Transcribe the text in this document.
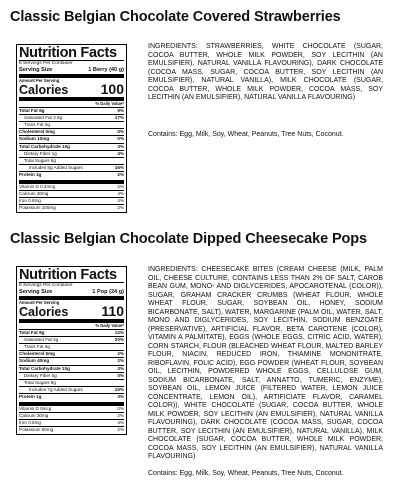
Classic Belgian Chocolate Covered Strawberries
Nutrition Facts
6 Servings Per Container
Serving Size	1 Berry (40 g)
Amount Per Serving
Calories 100
% Daily Value*
Total Fat 6g	9%
Saturated Fat 3.5g	17%
Trans Fat 0g
Cholesterol 0mg	0%
Sodium 10mg	0%
Total Carbohydrate 10g	3%
Dietary Fiber 1g	4%
Total Sugars 9g
Includes 8g Added Sugars	16%
Protein 1g	2%
Vitamin D 0.2mcg	2%
Calcium 30mg	4%
Iron 0.8mg	4%
Potassium 100mg	2%
INGREDIENTS: STRAWBERRIES, WHITE CHOCOLATE (SUGAR, COCOA BUTTER, WHOLE MILK POWDER, SOY LECITHIN (AN EMULSIFIER), NATURAL VANILLA FLAVOURING), DARK CHOCOLATE (COCOA MASS, SUGAR, COCOA BUTTER, SOY LECITHIN (AN EMULSIFIER), NATURAL VANILLA), MILK CHOCOLATE (SUGAR, COCOA BUTTER, WHOLE MILK POWDER, COCOA MASS, SOY LECITHIN (AN EMULSIFIER), NATURAL VANILLA FLAVOURING)
Contains: Egg, Milk, Soy, Wheat, Peanuts, Tree Nuts, Coconut.
Classic Belgian Chocolate Dipped Cheesecake Pops
Nutrition Facts
6 Servings Per Container
Serving Size	1 Pop (24 g)
Amount Per Serving
Calories 110
% Daily Value*
Total Fat 8g	12%
Saturated Fat 4g	20%
Trans Fat 0g
Cholesterol 5mg	2%
Sodium 40mg	2%
Total Carbohydrate 10g	3%
Dietary Fiber 0g	0%
Total Sugars 9g
Includes 7g Added Sugars	15%
Protein 1g	3%
Vitamin D 0mcg	0%
Calcium 30mg	2%
Iron 0.6mg	4%
Potassium 60mg	2%
INGREDIENTS: CHEESECAKE BITES (CREAM CHEESE (MILK, PALM OIL, CHEESE CULTURE, CONTAINS LESS THAN 2% OF SALT, CAROB BEAN GUM, MONO- AND DIGLYCERIDES, APOCAROTENAL (COLOR)), SUGAR, GRAHAM CRACKER CRUMBS (WHEAT FLOUR, WHOLE WHEAT FLOUR, SUGAR, SOYBEAN OIL, HONEY, SODIUM BICARBONATE, SALT), WATER, MARGARINE (PALM OIL, WATER, SALT, MONO AND DIGLYCERIDES, SOY LECITHIN, SODIUM BENZOATE (PRESERVATIVE), ARTIFICIAL FLAVOR, BETA CAROTENE (COLOR), VITAMIN A PALMITATE), EGGS (WHOLE EGGS, CITRIC ACID, WATER), CORN STARCH, FLOUR (BLEACHED WHEAT FLOUR, MALTED BARLEY FLOUR, NIACIN, REDUCED IRON, THIAMINE MONONITRATE, RIBOFLAVIN, FOLIC ACID), EGG POWDER (WHEAT FLOUR, SOYBEAN OIL, LECITHIN, POWDERED WHOLE EGGS, CELLULOSE GUM, SODIUM BICARBONATE, SALT, ANNATTO, TUMERIC, ENZYME), SOYBEAN OIL, LEMON JUICE (FILTERED WATER, LEMON JUICE CONCENTRATE, LEMON OIL), ARTIFICIATE FLAVOR, CARAMEL COLOR)), WHITE CHOCOLATE (SUGAR, COCOA BUTTER, WHOLE MILK POWDER, SOY LECITHIN (AN EMULSIFIER), NATURAL VANILLA FLAVOURING), DARK CHOCOLATE (COCOA MASS, SUGAR, COCOA BUTTER, SOY LECITHIN (AN EMULSIFIER), NATURAL VANILLA), MILK CHOCOLATE (SUGAR, COCOA BUTTER, WHOLE MILK POWDER, COCOA MASS, SOY LECITHIN (AN EMULSIFIER), NATURAL VANILLA FLAVOURING)
Contains: Egg, Milk, Soy, Wheat, Peanuts, Tree Nuts, Coconut.
